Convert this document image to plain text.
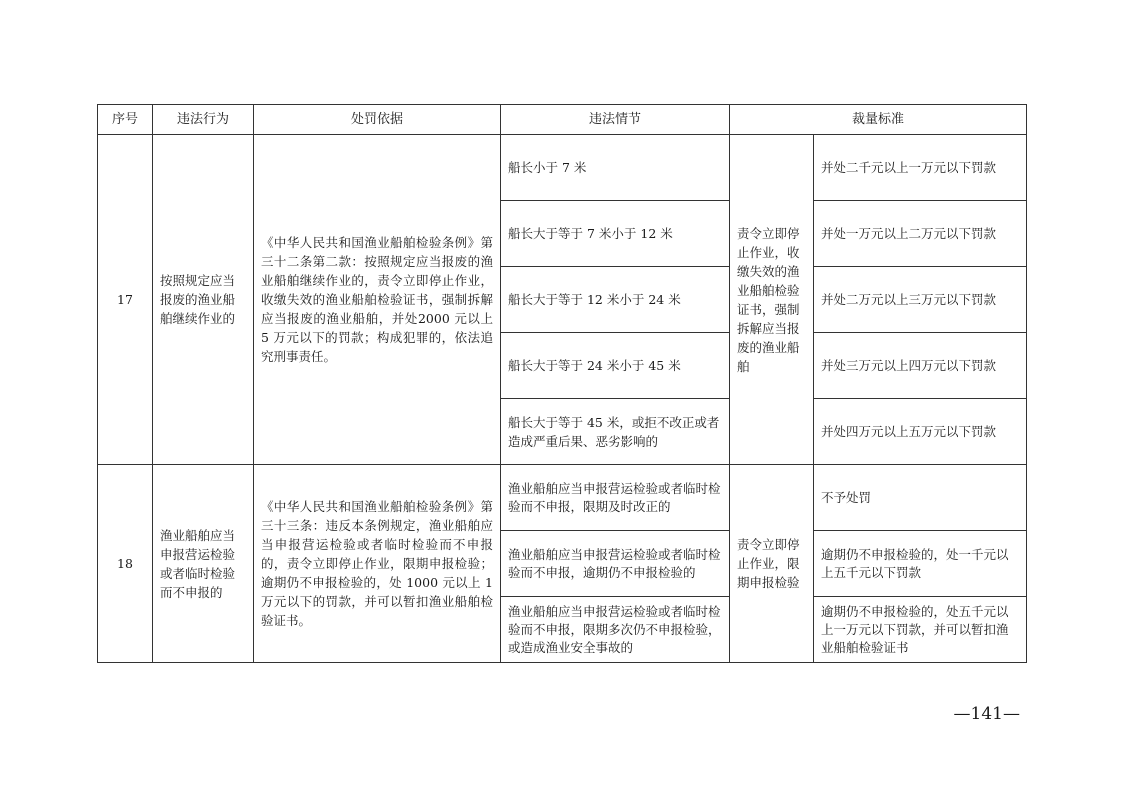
序号	违法行为	处罚依据	违法情节	裁量标准	
17	按照规定应当报废的渔业船舶继续作业的	《中华人民共和国渔业船舶检验条例》第三十二条第二款：按照规定应当报废的渔业船舶继续作业的，责令立即停止作业，收缴失效的渔业船舶检验证书，强制拆解应当报废的渔业船舶，并处2000 元以上 5 万元以下的罚款；构成犯罪的，依法追究刑事责任。	船长小于 7 米	责令立即停止作业，收缴失效的渔业船舶检验证书，强制拆解应当报废的渔业船舶	并处二千元以上一万元以下罚款
			船长大于等于 7 米小于 12 米		并处一万元以上二万元以下罚款
			船长大于等于 12 米小于 24 米		并处二万元以上三万元以下罚款
			船长大于等于 24 米小于 45 米		并处三万元以上四万元以下罚款
			船长大于等于 45 米，或拒不改正或者造成严重后果、恶劣影响的		并处四万元以上五万元以下罚款
18	渔业船舶应当申报营运检验或者临时检验而不申报的	《中华人民共和国渔业船舶检验条例》第三十三条：违反本条例规定，渔业船舶应当申报营运检验或者临时检验而不申报的，责令立即停止作业，限期申报检验；逾期仍不申报检验的，处 1000 元以上 1 万元以下的罚款，并可以暂扣渔业船舶检验证书。	渔业船舶应当申报营运检验或者临时检验而不申报，限期及时改正的	责令立即停止作业，限期申报检验	不予处罚
			渔业船舶应当申报营运检验或者临时检验而不申报，逾期仍不申报检验的		逾期仍不申报检验的，处一千元以上五千元以下罚款
			渔业船舶应当申报营运检验或者临时检验而不申报，限期多次仍不申报检验，或造成渔业安全事故的		逾期仍不申报检验的，处五千元以上一万元以下罚款，并可以暂扣渔业船舶检验证书
—141—
